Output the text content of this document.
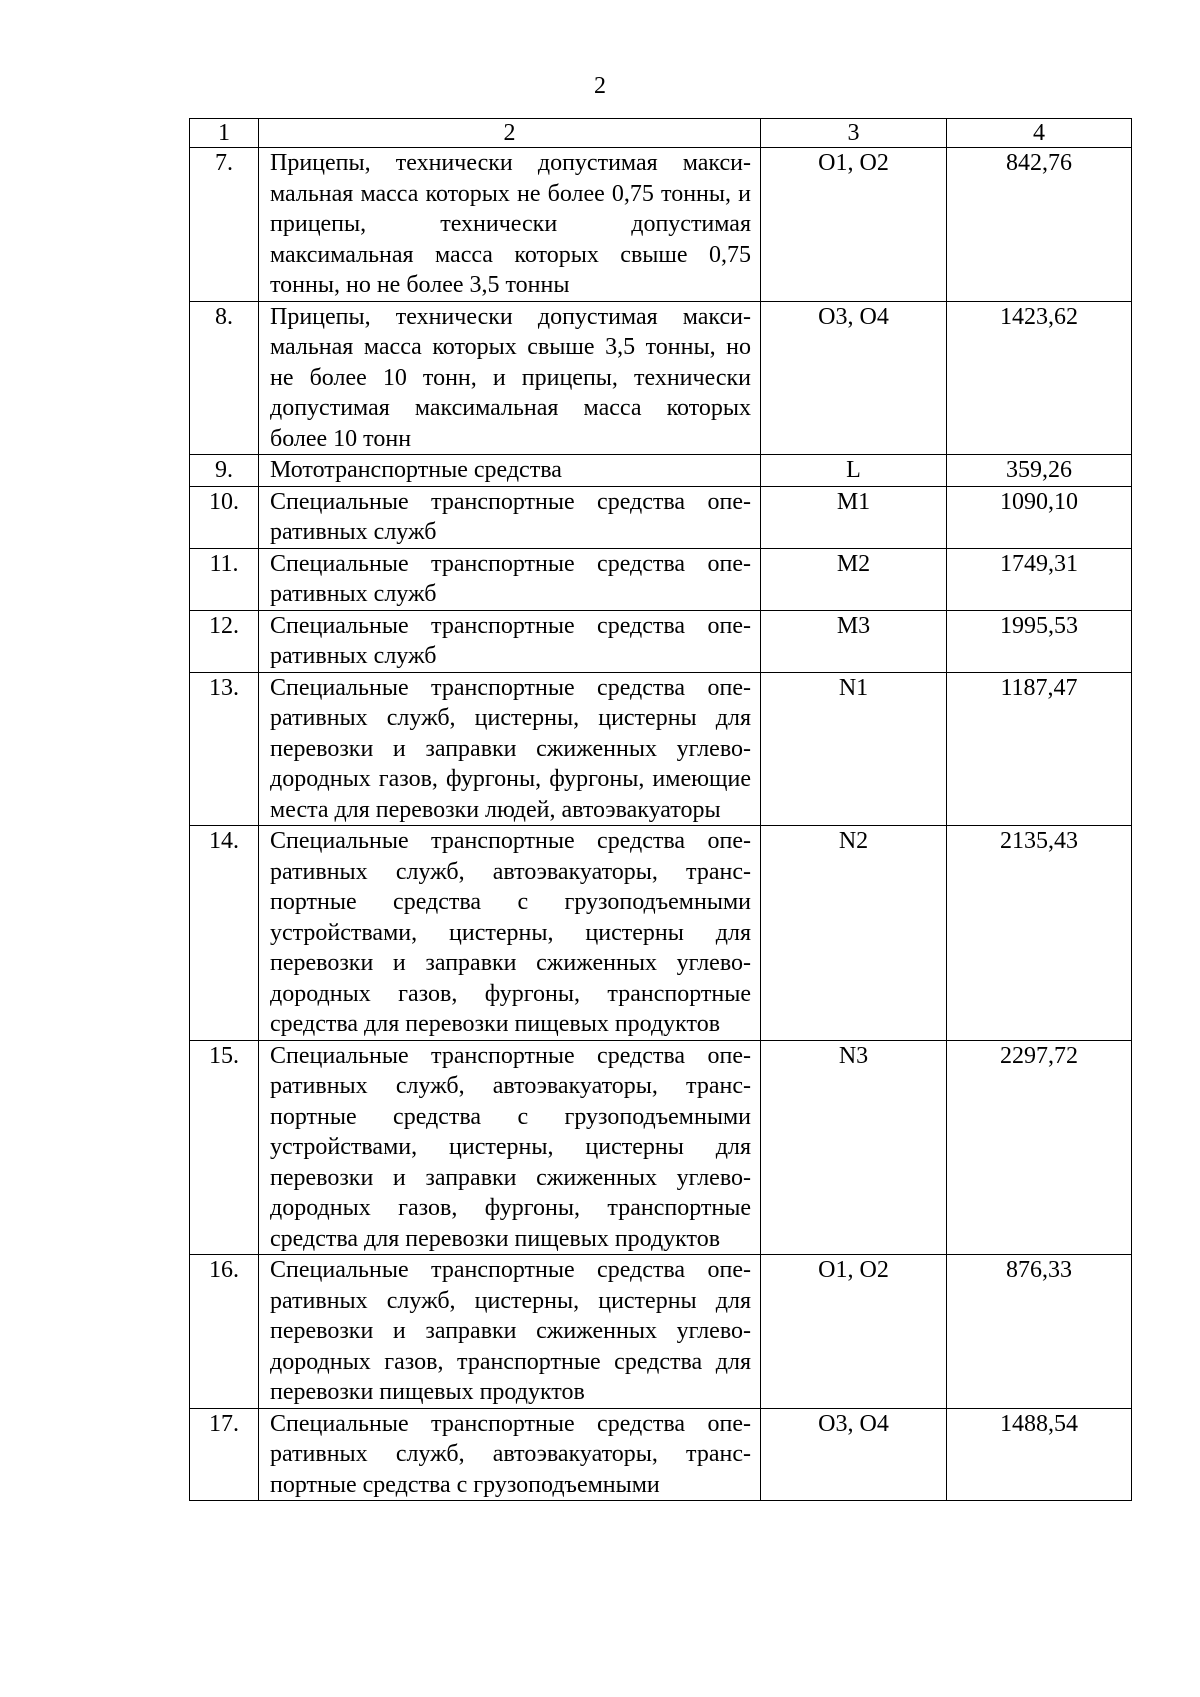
2
1	2	3	4
7.	Прицепы, технически допустимая максимальная масса которых не более 0,75 тонны, и прицепы, технически допустимая максимальная масса которых свыше 0,75 тонны, но не более 3,5 тонны	O1, O2	842,76
8.	Прицепы, технически допустимая максимальная масса которых свыше 3,5 тонны, но не более 10 тонн, и прицепы, технически допустимая максимальная масса которых более 10 тонн	O3, O4	1423,62
9.	Мототранспортные средства	L	359,26
10.	Специальные транспортные средства оперативных служб	M1	1090,10
11.	Специальные транспортные средства оперативных служб	M2	1749,31
12.	Специальные транспортные средства оперативных служб	M3	1995,53
13.	Специальные транспортные средства оперативных служб, цистерны, цистерны для перевозки и заправки сжиженных углеводородных газов, фургоны, фургоны, имеющие места для перевозки людей, автоэвакуаторы	N1	1187,47
14.	Специальные транспортные средства оперативных служб, автоэвакуаторы, транспортные средства с грузоподъемными устройствами, цистерны, цистерны для перевозки и заправки сжиженных углеводородных газов, фургоны, транспортные средства для перевозки пищевых продуктов	N2	2135,43
15.	Специальные транспортные средства оперативных служб, автоэвакуаторы, транспортные средства с грузоподъемными устройствами, цистерны, цистерны для перевозки и заправки сжиженных углеводородных газов, фургоны, транспортные средства для перевозки пищевых продуктов	N3	2297,72
16.	Специальные транспортные средства оперативных служб, цистерны, цистерны для перевозки и заправки сжиженных углеводородных газов, транспортные средства для перевозки пищевых продуктов	O1, O2	876,33
17.	Специальные транспортные средства оперативных служб, автоэвакуаторы, транспортные средства с грузоподъемными	O3, O4	1488,54
